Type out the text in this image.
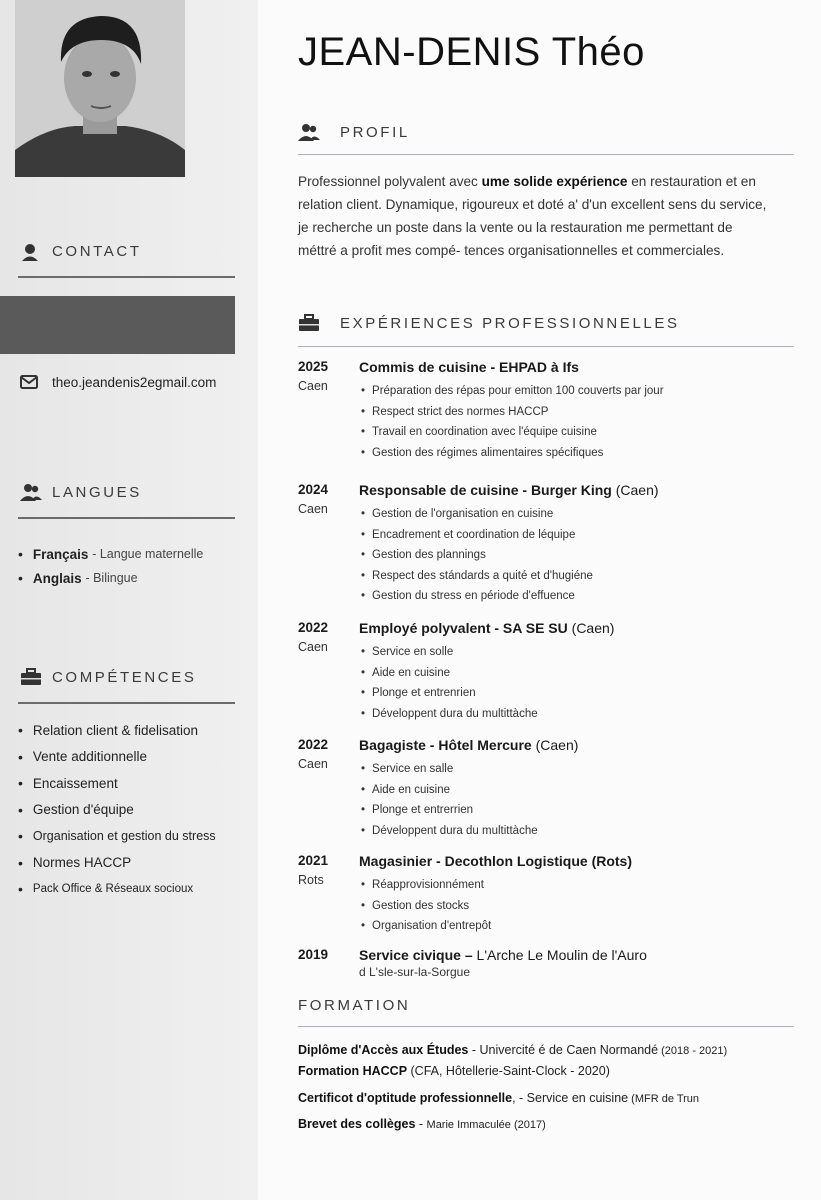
CONTACT
theo.jeandenis2egmail.com
LANGUES
• Français
- Langue maternelle
• Anglais
- Bilingue
COMPÉTENCES
• Relation client & fidelisation
• Vente additionnelle
• Encaissement
• Gestion d'équipe
• Organisation et gestion du stress
• Normes HACCP
• Pack Office & Réseaux socioux
JEAN-DENIS Théo
PROFIL
Professionnel polyvalent avec ume solide expérience en restauration et en relation client. Dynamique, rigoureux et doté a' d'un excellent sens du service, je recherche un poste dans la vente ou la restauration me permettant de méttré a profit mes compé- tences organisationnelles et commerciales.
EXPÉRIENCES PROFESSIONNELLES
2025
Caen
Commis de cuisine - EHPAD à Ifs
• Préparation des répas pour emitton 100 couverts par jour
• Respect strict des normes HACCP
• Travail en coordination avec l'équipe cuisine
• Gestion des régimes alimentaires spécifiques
2024
Caen
Responsable de cuisine - Burger King (Caen)
• Gestion de l'organisation en cuisine
• Encadrement et coordination de léquipe
• Gestion des plannings
• Respect des stándards a quité et d'hugiéne
• Gestion du stress en période d'effuence
2022
Caen
Employé polyvalent - SA SE SU (Caen)
• Service en solle
• Aide en cuisine
• Plonge et entrenrien
• Développent dura du multittàche
2022
Caen
Bagagiste - Hôtel Mercure (Caen)
• Service en salle
• Aide en cuisine
• Plonge et entrerrien
• Développent dura du multittàche
2021
Rots
Magasinier - Decothlon Logistique (Rots)
• Réapprovisionnément
• Gestion des stocks
• Organisation d'entrepôt
2019 Service civique – L'Arche Le Moulin de l'Auro
d L'sle-sur-la-Sorgue
FORMATION
Diplôme d'Accès aux Études - Univercité é de Caen Normandé (2018 - 2021)
Formation HACCP (CFA, Hôtellerie-Saint-Clock - 2020)
Certificot d'optitude professionnelle, - Service en cuisine (MFR de Trun
Brevet des collèges - Marie Immaculée (2017)
